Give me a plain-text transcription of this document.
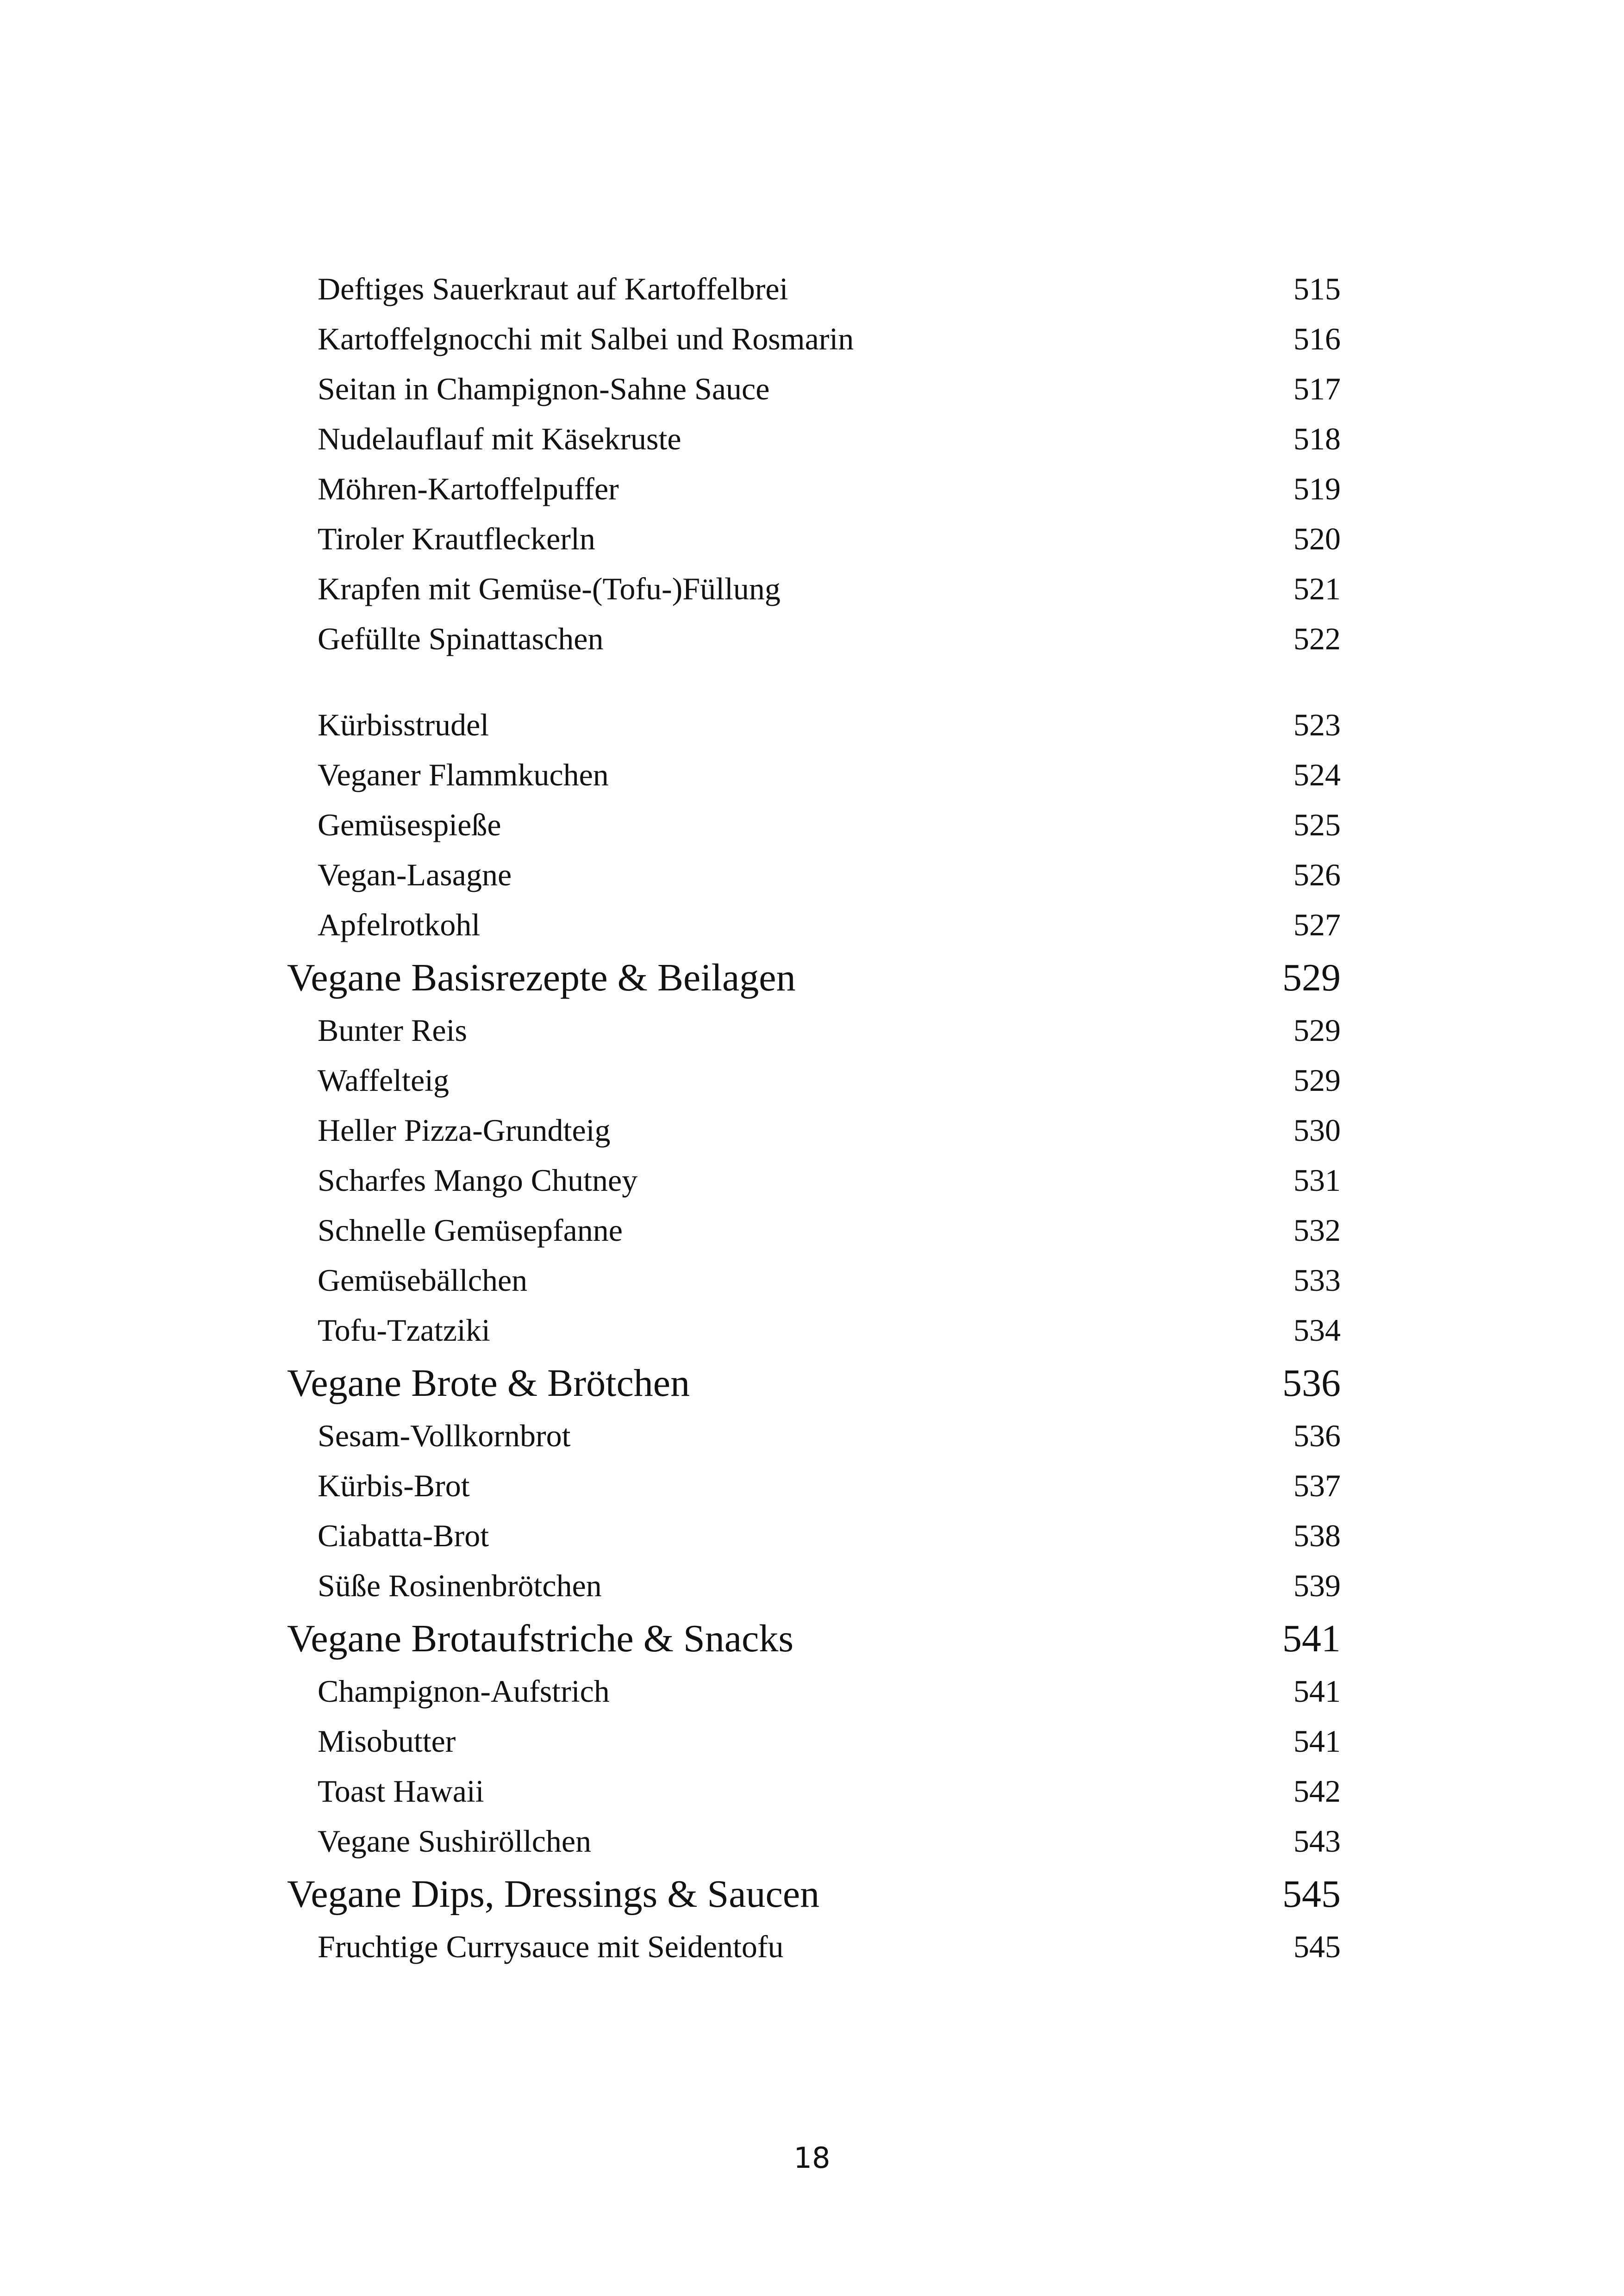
Deftiges Sauerkraut auf Kartoffelbrei	515
Kartoffelgnocchi mit Salbei und Rosmarin	516
Seitan in Champignon-Sahne Sauce	517
Nudelauflauf mit Käsekruste	518
Möhren-Kartoffelpuffer	519
Tiroler Krautfleckerln	520
Krapfen mit Gemüse-(Tofu-)Füllung	521
Gefüllte Spinattaschen	522
Kürbisstrudel	523
Veganer Flammkuchen	524
Gemüsespieße	525
Vegan-Lasagne	526
Apfelrotkohl	527
Vegane Basisrezepte & Beilagen	529
Bunter Reis	529
Waffelteig	529
Heller Pizza-Grundteig	530
Scharfes Mango Chutney	531
Schnelle Gemüsepfanne	532
Gemüsebällchen	533
Tofu-Tzatziki	534
Vegane Brote & Brötchen	536
Sesam-Vollkornbrot	536
Kürbis-Brot	537
Ciabatta-Brot	538
Süße Rosinenbrötchen	539
Vegane Brotaufstriche & Snacks	541
Champignon-Aufstrich	541
Misobutter	541
Toast Hawaii	542
Vegane Sushiröllchen	543
Vegane Dips, Dressings & Saucen	545
Fruchtige Currysauce mit Seidentofu	545
18
